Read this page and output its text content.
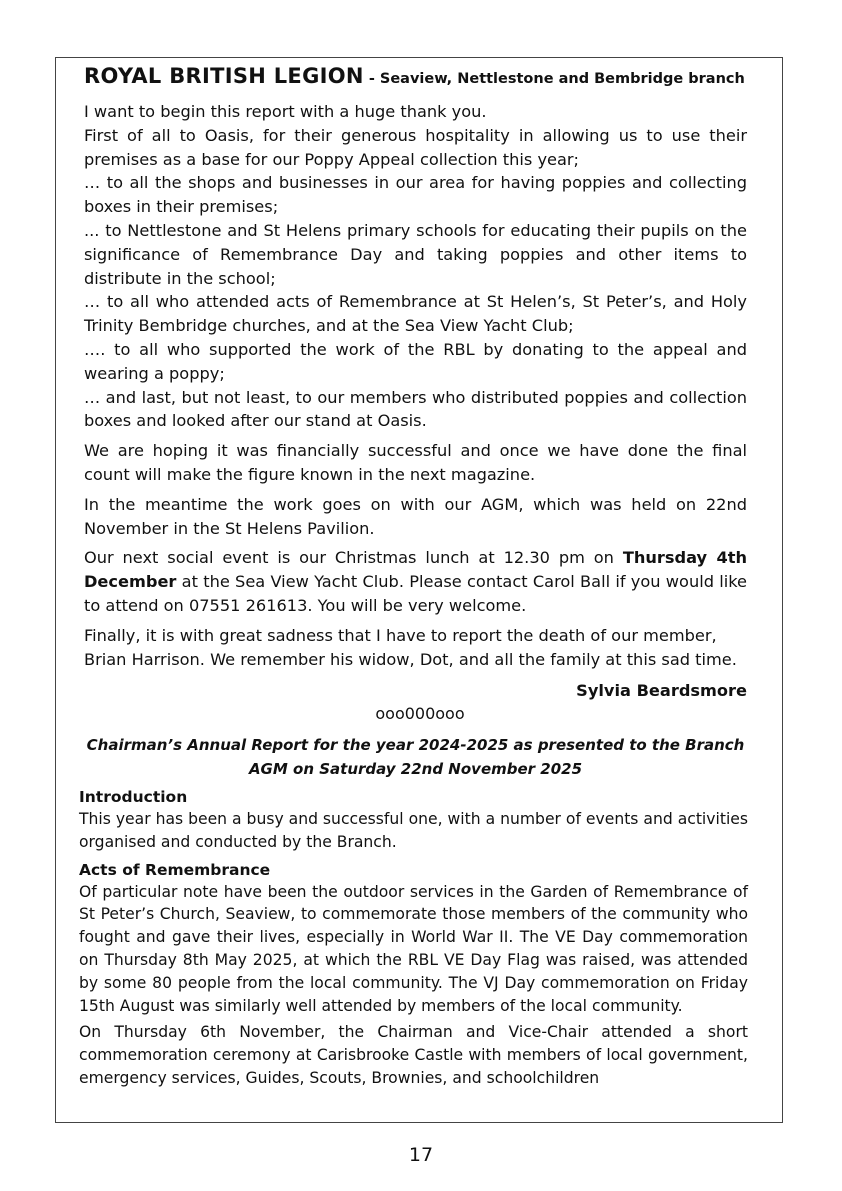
ROYAL BRITISH LEGION - Seaview, Nettlestone and Bembridge branch

I want to begin this report with a huge thank you.

First of all to Oasis, for their generous hospitality in allowing us to use their premises as a base for our Poppy Appeal collection this year;

… to all the shops and businesses in our area for having poppies and collecting boxes in their premises;

... to Nettlestone and St Helens primary schools for educating their pupils on the significance of Remembrance Day and taking poppies and other items to distribute in the school;

… to all who attended acts of Remembrance at St Helen’s, St Peter’s, and Holy Trinity Bembridge churches, and at the Sea View Yacht Club;

…. to all who supported the work of the RBL by donating to the appeal and wearing a poppy;

… and last, but not least, to our members who distributed poppies and collection boxes and looked after our stand at Oasis.

We are hoping it was financially successful and once we have done the final count will make the figure known in the next magazine.

In the meantime the work goes on with our AGM, which was held on 22nd November in the St Helens Pavilion.

Our next social event is our Christmas lunch at 12.30 pm on Thursday 4th December at the Sea View Yacht Club. Please contact Carol Ball if you would like to attend on 07551 261613. You will be very welcome.

Finally, it is with great sadness that I have to report the death of our member, Brian Harrison. We remember his widow, Dot, and all the family at this sad time.

Sylvia Beardsmore
ooo000ooo
Chairman’s Annual Report for the year 2024-2025 as presented to the Branch
AGM on Saturday 22nd November 2025
Introduction

This year has been a busy and successful one, with a number of events and activities organised and conducted by the Branch.

Acts of Remembrance

Of particular note have been the outdoor services in the Garden of Remembrance of St Peter’s Church, Seaview, to commemorate those members of the community who fought and gave their lives, especially in World War II. The VE Day commemoration on Thursday 8th May 2025, at which the RBL VE Day Flag was raised, was attended by some 80 people from the local community. The VJ Day commemoration on Friday 15th August was similarly well attended by members of the local community.

On Thursday 6th November, the Chairman and Vice-Chair attended a short commemoration ceremony at Carisbrooke Castle with members of local government, emergency services, Guides, Scouts, Brownies, and schoolchildren

17
